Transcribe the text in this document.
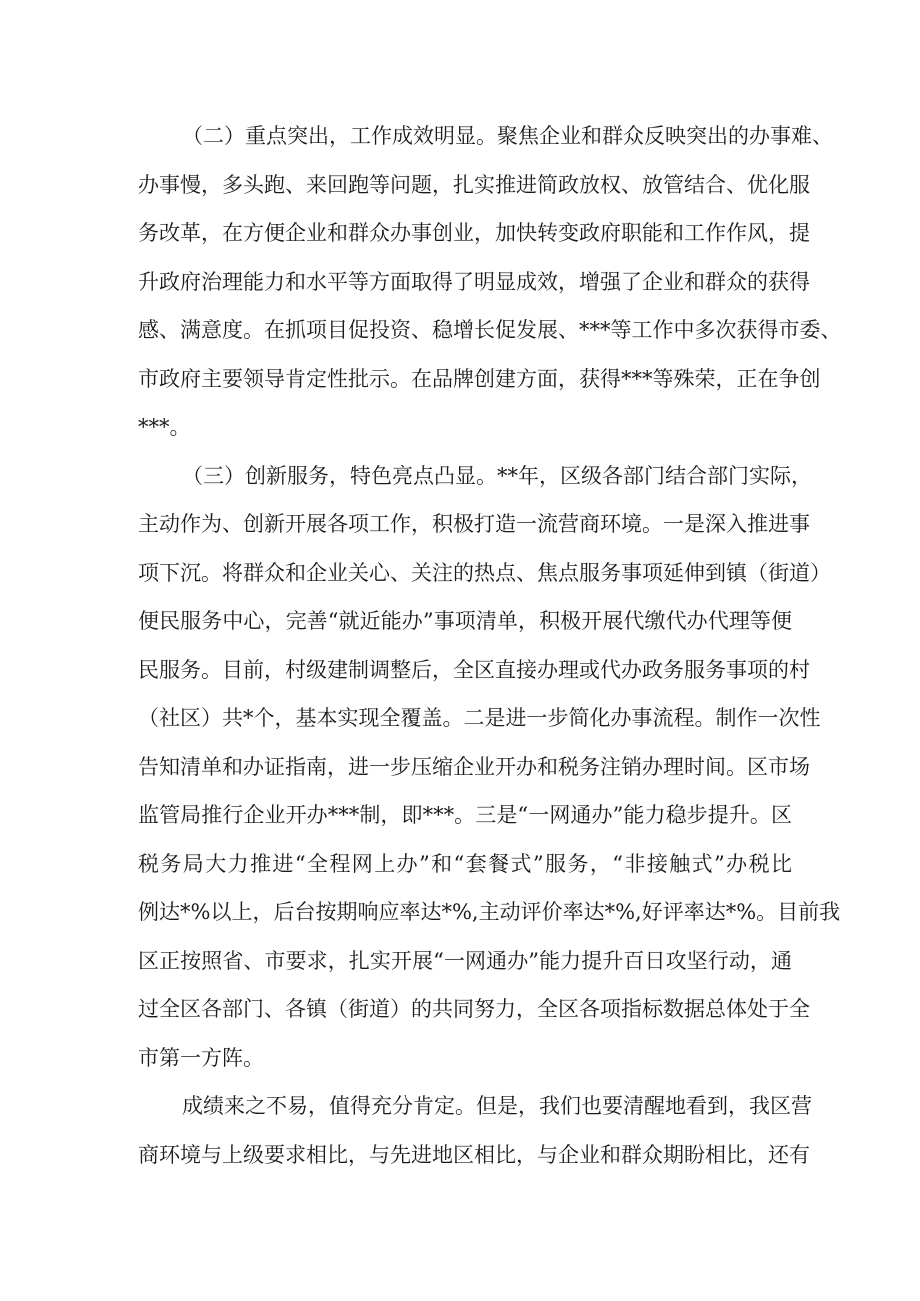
（二）重点突出，工作成效明显。聚焦企业和群众反映突出的办事难、
办事慢，多头跑、来回跑等问题，扎实推进简政放权、放管结合、优化服
务改革，在方便企业和群众办事创业，加快转变政府职能和工作作风，提
升政府治理能力和水平等方面取得了明显成效，增强了企业和群众的获得
感、满意度。在抓项目促投资、稳增长促发展、***等工作中多次获得市委、
市政府主要领导肯定性批示。在品牌创建方面，获得***等殊荣，正在争创
***。
（三）创新服务，特色亮点凸显。**年，区级各部门结合部门实际，
主动作为、创新开展各项工作，积极打造一流营商环境。一是深入推进事
项下沉。将群众和企业关心、关注的热点、焦点服务事项延伸到镇（街道）
便民服务中心，完善“就近能办”事项清单，积极开展代缴代办代理等便
民服务。目前，村级建制调整后，全区直接办理或代办政务服务事项的村
（社区）共*个，基本实现全覆盖。二是进一步简化办事流程。制作一次性
告知清单和办证指南，进一步压缩企业开办和税务注销办理时间。区市场
监管局推行企业开办***制，即***。三是“一网通办”能力稳步提升。区
税务局大力推进“全程网上办”和“套餐式”服务，“非接触式”办税比
例达*%以上，后台按期响应率达*%,主动评价率达*%,好评率达*%。目前我
区正按照省、市要求，扎实开展“一网通办”能力提升百日攻坚行动，通
过全区各部门、各镇（街道）的共同努力，全区各项指标数据总体处于全
市第一方阵。
成绩来之不易，值得充分肯定。但是，我们也要清醒地看到，我区营
商环境与上级要求相比，与先进地区相比，与企业和群众期盼相比，还有
